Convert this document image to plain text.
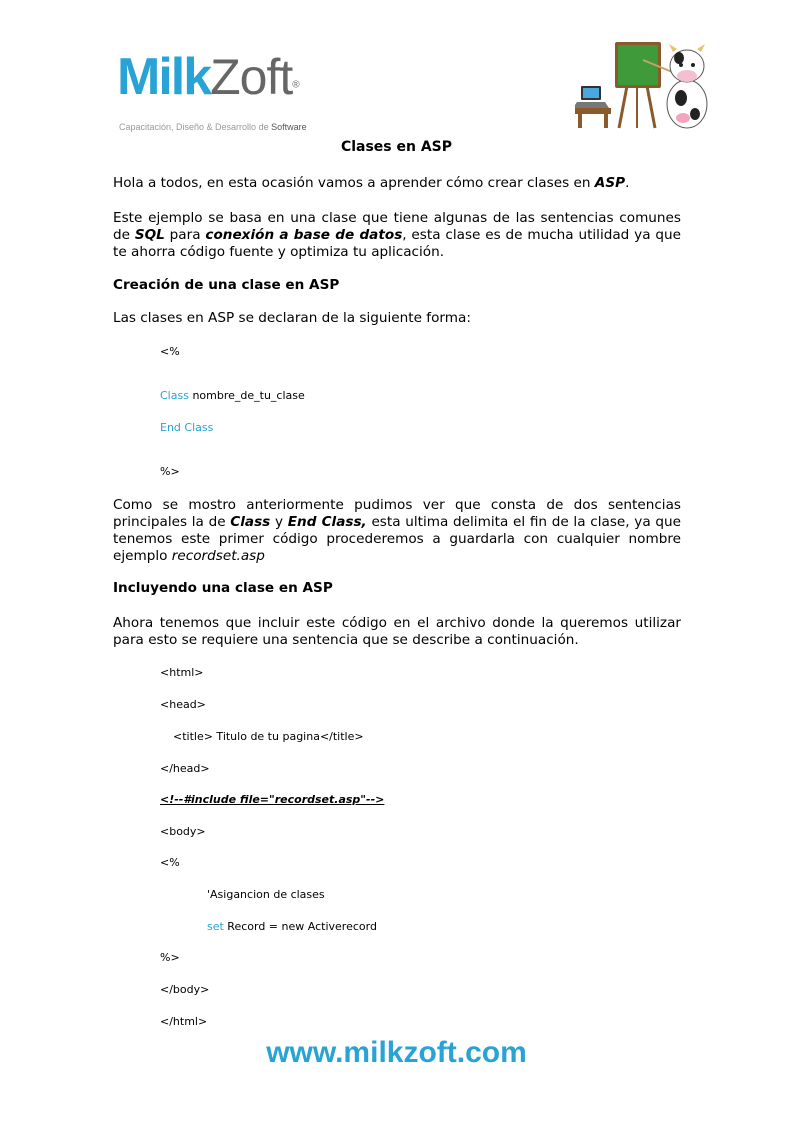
MilkZoft®
Capacitación, Diseño & Desarrollo de Software
Clases en ASP
Hola a todos, en esta ocasión vamos a aprender cómo crear clases en ASP.
Este ejemplo se basa en una clase que tiene algunas de las sentencias comunes de SQL para conexión a base de datos, esta clase es de mucha utilidad ya que te ahorra código fuente y optimiza tu aplicación.
Creación de una clase en ASP
Las clases en ASP se declaran de la siguiente forma:
<%
Class nombre_de_tu_clase
End Class
%>
Como se mostro anteriormente pudimos ver que consta de dos sentencias principales la de Class y End Class, esta ultima delimita el fin de la clase, ya que tenemos este primer código procederemos a guardarla con cualquier nombre ejemplo recordset.asp
Incluyendo una clase en ASP
Ahora tenemos que incluir este código en el archivo donde la queremos utilizar para esto se requiere una sentencia que se describe a continuación.
<html>
<head>
<title> Titulo de tu pagina</title>
</head>
<!--#include file="recordset.asp"-->
<body>
<%
'Asigancion de clases
set Record = new Activerecord
%>
</body>
</html>
www.milkzoft.com
